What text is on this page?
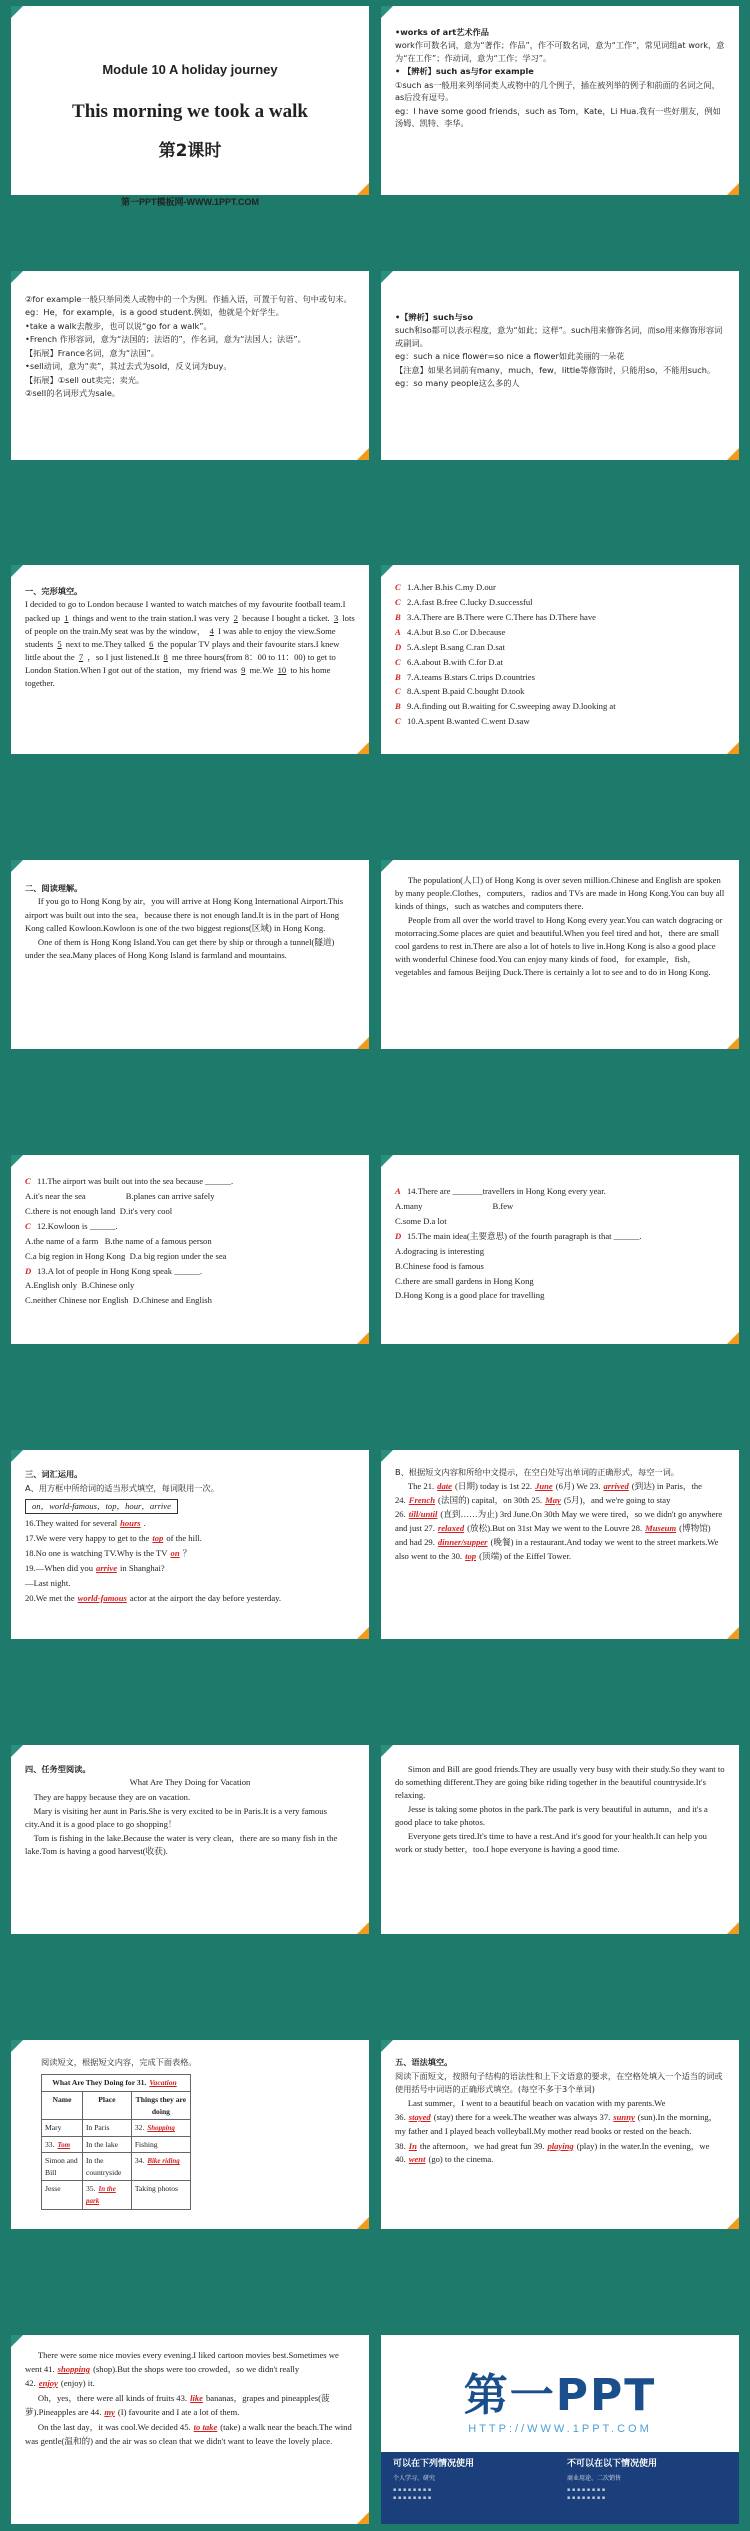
Module 10 A holiday journey
This morning we took a walk
第2课时
第一PPT模板网-WWW.1PPT.COM

•works of art艺术作品

work作可数名词，意为“著作；作品”，作不可数名词，意为“工作”，常见词组at work，意为“在工作”；作动词，意为“工作；学习”。

• 【辨析】such as与for example

①such as一般用来列举同类人或物中的几个例子，插在被列举的例子和前面的名词之间，as后没有逗号。

eg：I have some good friends，such as Tom，Kate，Li Hua.我有一些好朋友，例如汤姆、凯特、李华。

②for example一般只举同类人或物中的一个为例。作插入语，可置于句首、句中或句末。

eg：He，for example，is a good student.例如，他就是个好学生。

•take a walk去散步，也可以说“go for a walk”。

•French 作形容词，意为“法国的；法语的”，作名词，意为“法国人；法语”。

【拓展】France名词，意为“法国”。

•sell动词，意为“卖”，其过去式为sold，反义词为buy。

【拓展】①sell out卖完；卖光。

②sell的名词形式为sale。

•【辨析】such与so

such和so都可以表示程度，意为“如此；这样”。such用来修饰名词，而so用来修饰形容词或副词。

eg：such a nice flower=so nice a flower如此美丽的一朵花

【注意】如果名词前有many，much，few，little等修饰时，只能用so，不能用such。

eg：so many people这么多的人

一、完形填空。

I decided to go to London because I wanted to watch matches of my favourite football team.I packed up 1 things and went to the train station.I was very 2 because I bought a ticket. 3 lots of people on the train.My seat was by the window， 4 I was able to enjoy the view.Some students 5 next to me.They talked 6 the popular TV plays and their favourite stars.I knew little about the 7 ，so I just listened.It 8 me three hours(from 8：00 to 11：00) to get to London Station.When I got out of the station，my friend was 9 me.We 10 to his home together.

C 1.A.her B.his C.my D.our

C 2.A.fast B.free C.lucky D.successful

B 3.A.There are B.There were C.There has D.There have

A 4.A.but B.so C.or D.because

D 5.A.slept B.sang C.ran D.sat

C 6.A.about B.with C.for D.at

B 7.A.teams B.stars C.trips D.countries

C 8.A.spent B.paid C.bought D.took

B 9.A.finding out B.waiting for C.sweeping away D.looking at

C 10.A.spent B.wanted C.went D.saw

二、阅读理解。

If you go to Hong Kong by air，you will arrive at Hong Kong International Airport.This airport was built out into the sea，because there is not enough land.It is in the part of Hong Kong called Kowloon.Kowloon is one of the two biggest regions(区域) in Hong Kong.

One of them is Hong Kong Island.You can get there by ship or through a tunnel(隧道) under the sea.Many places of Hong Kong Island is farmland and mountains.

The population(人口) of Hong Kong is over seven million.Chinese and English are spoken by many people.Clothes，computers，radios and TVs are made in Hong Kong.You can buy all kinds of things，such as watches and computers there.

People from all over the world travel to Hong Kong every year.You can watch dogracing or motorracing.Some places are quiet and beautiful.When you feel tired and hot，there are small cool gardens to rest in.There are also a lot of hotels to live in.Hong Kong is also a good place with wonderful Chinese food.You can enjoy many kinds of food，for example，fish，vegetables and famous Beijing Duck.There is certainly a lot to see and to do in Hong Kong.

C 11.The airport was built out into the sea because ______.

A.it's near the sea	B.planes can arrive safely

C.there is not enough land D.it's very cool

C 12.Kowloon is ______.

A.the name of a farm B.the name of a famous person

C.a big region in Hong Kong D.a big region under the sea

D 13.A lot of people in Hong Kong speak ______.

A.English only B.Chinese only

C.neither Chinese nor English D.Chinese and English

A 14.There are _______travellers in Hong Kong every year.

A.many	B.few

C.some D.a lot

D 15.The main idea(主要意思) of the fourth paragraph is that ______.

A.dogracing is interesting

B.Chinese food is famous

C.there are small gardens in Hong Kong

D.Hong Kong is a good place for travelling

三、词汇运用。

A、用方框中所给词的适当形式填空，每词限用一次。

on，world-famous，top，hour，arrive

16.They waited for several hours .

17.We were very happy to get to the top of the hill.

18.No one is watching TV.Why is the TV on ？

19.—When did you arrive in Shanghai?

—Last night.

20.We met the world-famous actor at the airport the day before yesterday.

B、根据短文内容和所给中文提示，在空白处写出单词的正确形式，每空一词。

The 21. date (日期) today is 1st 22. June (6月) We 23. arrived (到达) in Paris，the 24. French (法国的) capital，on 30th 25. May (5月)，and we're going to stay 26. till/until (直到……为止) 3rd June.On 30th May we were tired，so we didn't go anywhere and just 27. relaxed (放松).But on 31st May we went to the Louvre 28. Museum (博物馆) and had 29. dinner/supper (晚餐) in a restaurant.And today we went to the street markets.We also went to the 30. top (顶端) of the Eiffel Tower.

四、任务型阅读。

What Are They Doing for Vacation

They are happy because they are on vacation.

Mary is visiting her aunt in Paris.She is very excited to be in Paris.It is a very famous city.And it is a good place to go shopping！

Tom is fishing in the lake.Because the water is very clean，there are so many fish in the lake.Tom is having a good harvest(收获).

Simon and Bill are good friends.They are usually very busy with their study.So they want to do something different.They are going bike riding together in the beautiful countryside.It's relaxing.

Jesse is taking some photos in the park.The park is very beautiful in autumn，and it's a good place to take photos.

Everyone gets tired.It's time to have a rest.And it's good for your health.It can help you work or study better，too.I hope everyone is having a good time.

阅读短文，根据短文内容，完成下面表格。

What Are They Doing for 31. Vacation		
Name	Place	Things they are doing
Mary	In Paris	32. Shopping
33. Tom	In the lake	Fishing
Simon and Bill	In the countryside	34. Bike riding
Jesse	35. In the park	Taking photos

五、语法填空。

阅读下面短文，按照句子结构的语法性和上下文语意的要求，在空格处填入一个适当的词或使用括号中词语的正确形式填空。(每空不多于3个单词)

Last summer，I went to a beautiful beach on vacation with my parents.We 36. stayed (stay) there for a week.The weather was always 37. sunny (sun).In the morning，my father and I played beach volleyball.My mother read books or rested on the beach.

38. In the afternoon，we had great fun 39. playing (play) in the water.In the evening，we 40. went (go) to the cinema.

There were some nice movies every evening.I liked cartoon movies best.Sometimes we went 41. shopping (shop).But the shops were too crowded，so we didn't really 42. enjoy (enjoy) it.

Oh，yes，there were all kinds of fruits 43. like bananas，grapes and pineapples(菠萝).Pineapples are 44. my (I) favourite and I ate a lot of them.

On the last day，it was cool.We decided 45. to take (take) a walk near the beach.The wind was gentle(温和的) and the air was so clean that we didn't want to leave the lovely place.

第一PPT
HTTP://WWW.1PPT.COM
可以在下列情况使用
个人学习、研究
▪ ▪ ▪ ▪ ▪ ▪ ▪ ▪
▪ ▪ ▪ ▪ ▪ ▪ ▪ ▪
不可以在以下情况使用
商业用途、二次销售
▪ ▪ ▪ ▪ ▪ ▪ ▪ ▪
▪ ▪ ▪ ▪ ▪ ▪ ▪ ▪
